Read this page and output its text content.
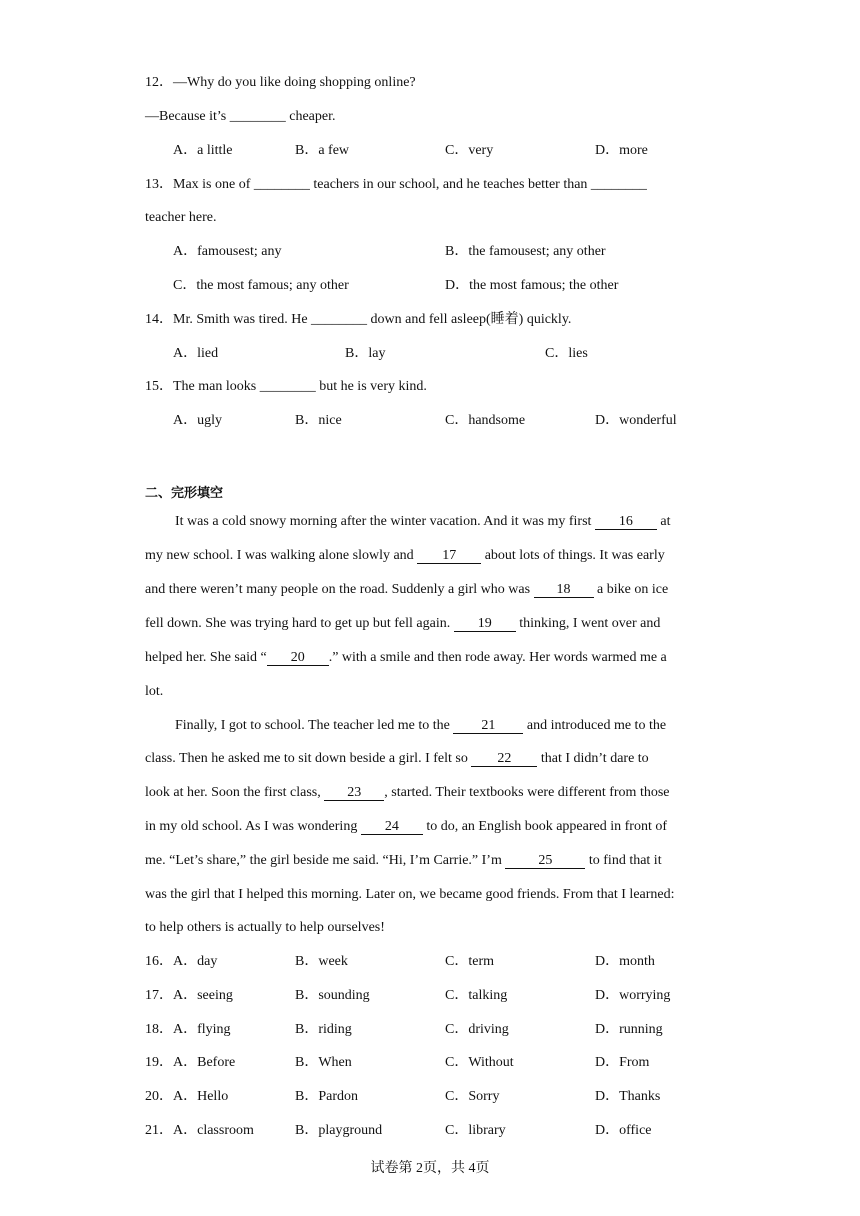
12．—Why do you like doing shopping online?
—Because it’s ________ cheaper.
A．a little	B．a few	C．very	D．more
13．Max is one of ________ teachers in our school, and he teaches better than ________
teacher here.
A．famousest; any	B．the famousest; any other
C．the most famous; any other	D．the most famous; the other
14．Mr. Smith was tired. He ________ down and fell asleep(睡着) quickly.
A．lied	B．lay	C．lies
15．The man looks ________ but he is very kind.
A．ugly	B．nice	C．handsome	D．wonderful
二、完形填空
It was a cold snowy morning after the winter vacation. And it was my first 16 at
my new school. I was walking alone slowly and 17 about lots of things. It was early
and there weren’t many people on the road. Suddenly a girl who was 18 a bike on ice
fell down. She was trying hard to get up but fell again. 19 thinking, I went over and
helped her. She said “ 20 .” with a smile and then rode away. Her words warmed me a
lot.
Finally, I got to school. The teacher led me to the 21 and introduced me to the
class. Then he asked me to sit down beside a girl. I felt so 22 that I didn’t dare to
look at her. Soon the first class, 23 , started. Their textbooks were different from those
in my old school. As I was wondering 24 to do, an English book appeared in front of
me. “Let’s share,” the girl beside me said. “Hi, I’m Carrie.” I’m 25 to find that it
was the girl that I helped this morning. Later on, we became good friends. From that I learned:
to help others is actually to help ourselves!
16．A．day	B．week	C．term	D．month
17．A．seeing	B．sounding	C．talking	D．worrying
18．A．flying	B．riding	C．driving	D．running
19．A．Before	B．When	C．Without	D．From
20．A．Hello	B．Pardon	C．Sorry	D．Thanks
21．A．classroom	B．playground	C．library	D．office
试卷第 2页，共 4页
